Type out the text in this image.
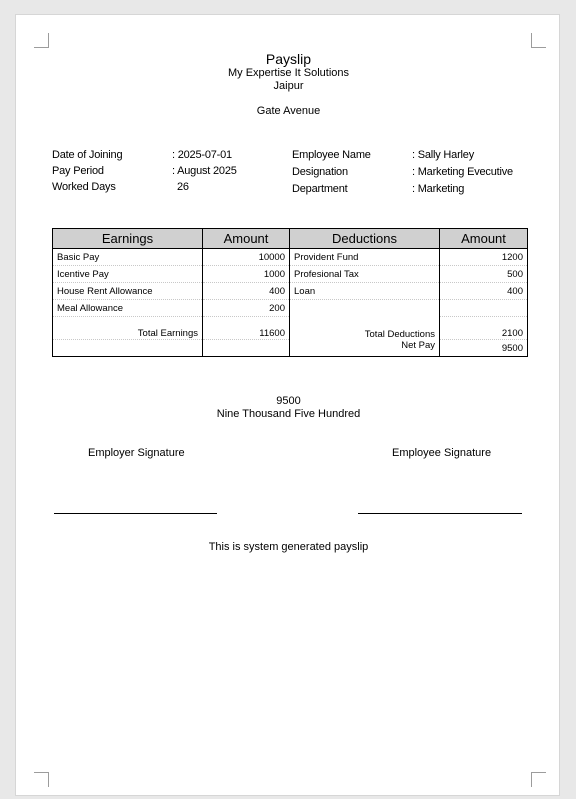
Payslip
My Expertise It Solutions
Jaipur
Gate Avenue
Date of Joining	: 2025-07-01
Pay Period	: August 2025
Worked Days	26
Employee Name	: Sally Harley
Designation	: Marketing Evecutive
Department	: Marketing
Earnings	Amount	Deductions	Amount
Basic Pay	10000	Provident Fund	1200
Icentive Pay	1000	Profesional Tax	500
House Rent Allowance	400	Loan	400
Meal Allowance	200		
Total Earnings	11600	Total Deductions	2100
		Net Pay	9500
9500
Nine Thousand Five Hundred
Employer Signature	Employee Signature
This is system generated payslip
